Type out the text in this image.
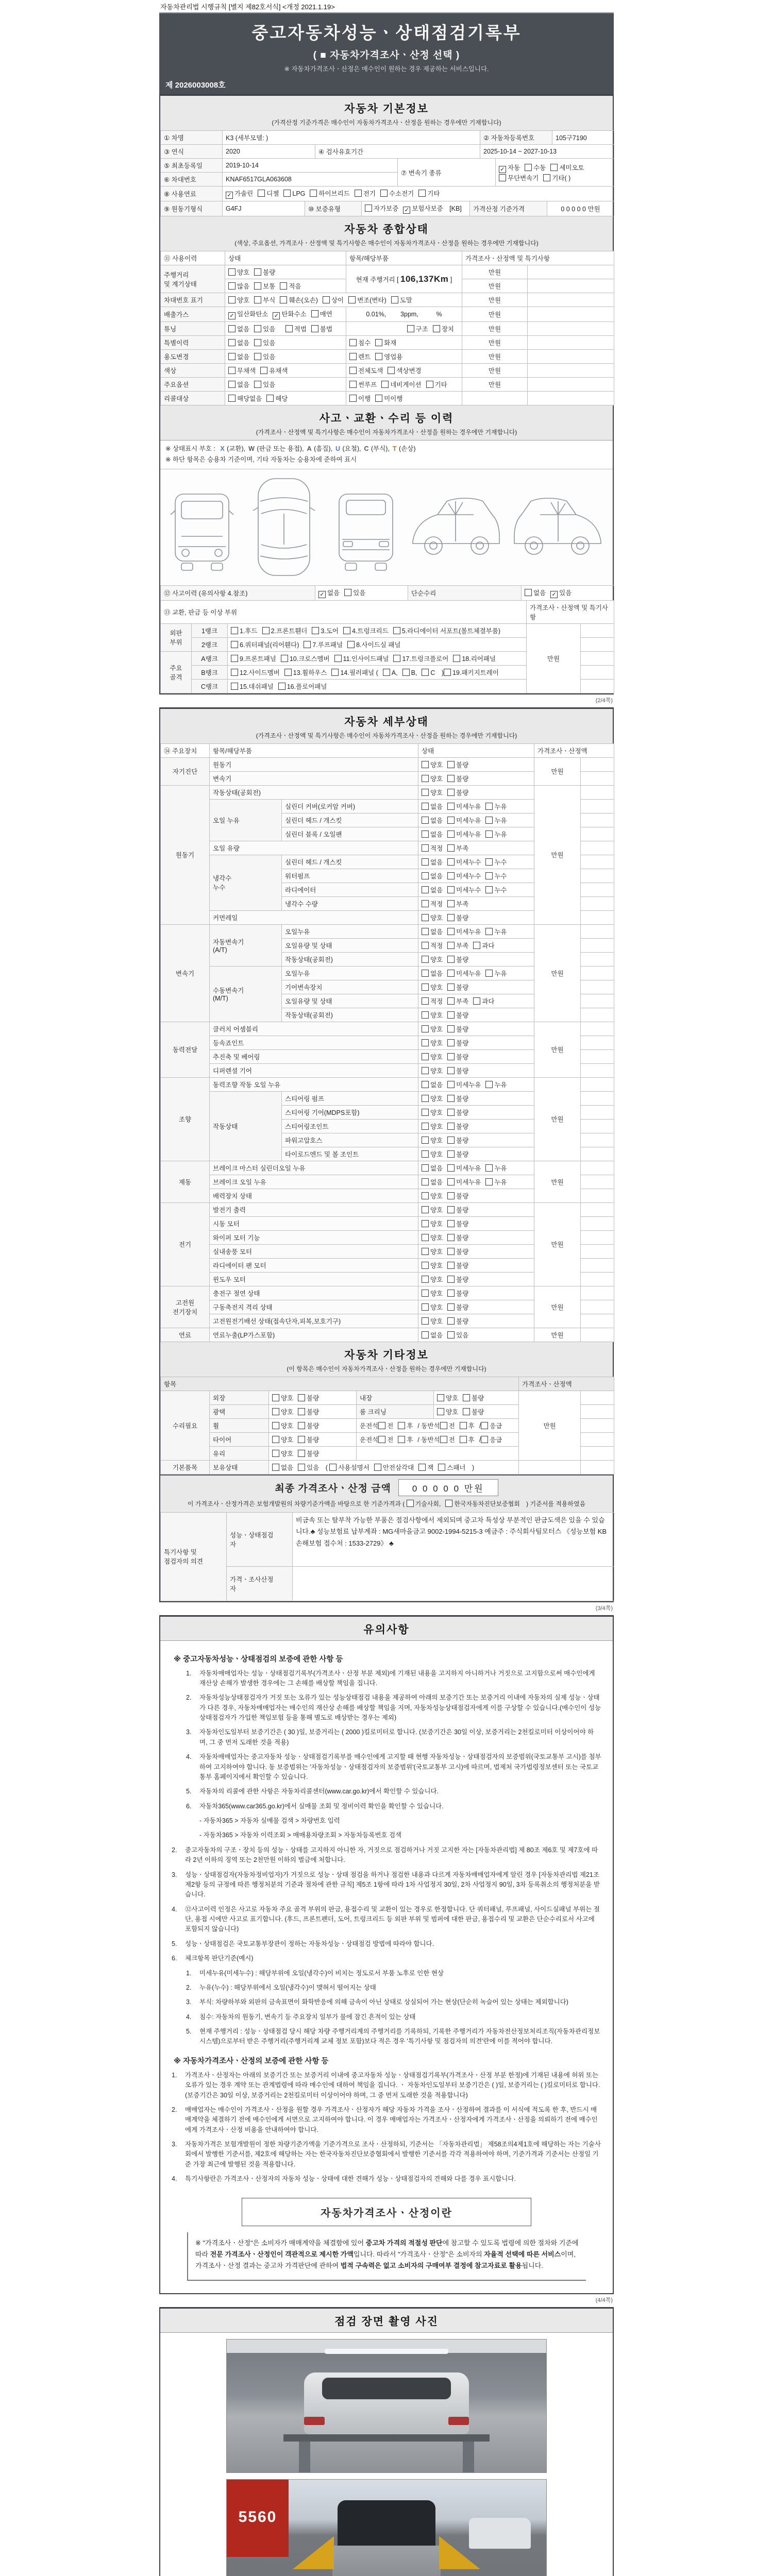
자동차관리법 시행규칙 [별지 제82호서식] <개정 2021.1.19>
중고자동차성능ㆍ상태점검기록부
( ■ 자동차가격조사ㆍ산정 선택 )
※ 자동차가격조사ㆍ산정은 매수인이 원하는 경우 제공하는 서비스입니다.
제 2026003008호
자동차 기본정보
(가격산정 기준가격은 매수인이 자동차가격조사ㆍ산정을 원하는 경우에만 기재합니다)
① 차명	K3 (세부모델: )	② 자동차등록번호	105구7190
③ 연식	2020	④ 검사유효기간	2025-10-14 ~ 2027-10-13
⑤ 최초등록일	2019-10-14	⑦ 변속기 종류	✓ 자동 수동 세미오토무단변속기 기타( )
⑥ 차대번호	KNAF6517GLA063608		
⑧ 사용연료	✓ 가솔린 디젤 LPG 하이브리드 전기 수소전기 기타
⑨ 원동기형식	G4FJ	⑩ 보증유형	자가보증 ✓ 보험사보증 [KB]	가격산정 기준가격	0 0 0 0 0 만원
자동차 종합상태
(색상, 주요옵션, 가격조사ㆍ산정액 및 특기사항은 매수인이 자동차가격조사ㆍ산정을 원하는 경우에만 기재합니다)
⑪ 사용이력	상태	항목/해당부품	가격조사ㆍ산정액 및 특기사항	
주행거리
및 계기상태	양호 불량	현재 주행거리 [ 106,137Km ]	만원	
	많음 보통 적음		만원	
차대번호 표기	양호 부식 훼손(오손) 상이 변조(변타) 도말		만원	
배출가스	✓ 일산화탄소 ✓ 탄화수소 매연	0.01%,        3ppm,          %	만원	
튜닝	없음 있음 적법 불법	구조 장치	만원	
특별이력	없음 있음	침수 화재	만원	
용도변경	없음 있음	렌트 영업용	만원	
색상	무채색 유채색	전체도색 색상변경	만원	
주요옵션	없음 있음	썬루프 네비게이션 기타	만원	
리콜대상	해당없음 해당	이행 미이행		
사고ㆍ교환ㆍ수리 등 이력
(가격조사ㆍ산정액 및 특기사항은 매수인이 자동차가격조사ㆍ산정을 원하는 경우에만 기재합니다)
※ 상태표시 부호 : X (교환), W (판금 또는 용접), A (흠집), U (요철), C (부식), T (손상)
※ 하단 항목은 승용차 기준이며, 기타 자동차는 승용차에 준하여 표시
⑫ 사고이력 (유의사항 4.참조)	✓ 없음 있음	단순수리	없음 ✓ 있음
⑬ 교환, 판금 등 이상 부위			가격조사ㆍ산정액 및 특기사항	
외판
부위	1랭크	1.후드 2.프론트휀더 3.도어 4.트렁크리드 5.라디에이터 서포트(볼트체결부품)	만원	
	2랭크	6.쿼터패널(리어휀다) 7.루프패널 8.사이드실 패널		
주요
골격	A랭크	9.프론트패널 10.크로스멤버 11.인사이드패널 17.트렁크플로어 18.리어패널		
	B랭크	12.사이드멤버 13.휠하우스 14.필러패널 ( A, B, C ) 19.패키지트레이		
	C랭크	15.대쉬패널 16.플로어패널		
(2/4쪽)
자동차 세부상태
(가격조사ㆍ산정액 및 특기사항은 매수인이 자동차가격조사ㆍ산정을 원하는 경우에만 기재합니다)
⑭ 주요장치	항목/해당부품		상태	가격조사ㆍ산정액	
자기진단	원동기		양호 불량	만원	
	변속기		양호 불량		
원동기	작동상태(공회전)		양호 불량	만원	
	오일 누유	실린더 커버(로커암 커버)	없음 미세누유 누유		
		실린더 헤드 / 개스킷	없음 미세누유 누유		
		실린더 블록 / 오일팬	없음 미세누유 누유		
	오일 유량		적정 부족		
	냉각수
누수	실린더 헤드 / 개스킷	없음 미세누수 누수		
		워터펌프	없음 미세누수 누수		
		라디에이터	없음 미세누수 누수		
		냉각수 수량	적정 부족		
	커먼레일		양호 불량		
변속기	자동변속기
(A/T)	오일누유	없음 미세누유 누유	만원	
		오일유량 및 상태	적정 부족 과다		
		작동상태(공회전)	양호 불량		
	수동변속기
(M/T)	오일누유	없음 미세누유 누유		
		기어변속장치	양호 불량		
		오일유량 및 상태	적정 부족 과다		
		작동상태(공회전)	양호 불량		
동력전달	클러치 어셈블리		양호 불량	만원	
	등속죠인트		양호 불량		
	추진축 및 베어링		양호 불량		
	디퍼렌셜 기어		양호 불량		
조향	동력조향 작동 오일 누유		없음 미세누유 누유	만원	
	작동상태	스티어링 펌프	양호 불량		
		스티어링 기어(MDPS포함)	양호 불량		
		스티어링조인트	양호 불량		
		파워고압호스	양호 불량		
		타이로드엔드 및 볼 조인트	양호 불량		
제동	브레이크 마스터 실린더오일 누유		없음 미세누유 누유	만원	
	브레이크 오일 누유		없음 미세누유 누유		
	배력장치 상태		양호 불량		
전기	발전기 출력		양호 불량	만원	
	시동 모터		양호 불량		
	와이퍼 모터 기능		양호 불량		
	실내송풍 모터		양호 불량		
	라디에이터 팬 모터		양호 불량		
	윈도우 모터		양호 불량		
고전원
전기장치	충전구 절연 상태		양호 불량	만원	
	구동축전지 격리 상태		양호 불량		
	고전원전기배선 상태(접속단자,피복,보호기구)		양호 불량		
연료	연료누출(LP가스포함)		없음 있음	만원	
자동차 기타정보
(이 항목은 매수인이 자동차가격조사ㆍ산정을 원하는 경우에만 기재합니다)
항목					가격조사ㆍ산정액	
수리필요	외장	양호 불량	내장	양호 불량	만원	
	광택	양호 불량	룸 크리닝	양호 불량		
	휠	양호 불량	운전석 전 후 / 동반석 전 후 / 응급			
	타이어	양호 불량	운전석 전 후 / 동반석 전 후 / 응급			
	유리	양호 불량				
기본품목	보유상태	없음 있음 ( 사용설명서 안전삼각대 잭 스패너 )				
최종 가격조사ㆍ산정 금액	0 0 0 0 0 만원
이 가격조사ㆍ산정가격은 보험개발원의 차량기준가액을 바탕으로 한 기준가격과 ( 기술사회, 한국자동차진단보증협회 ) 기준서를 적용하였음
특기사항 및
점검자의 의견	성능ㆍ상태점검
자	비금속 또는 탈부착 가능한 부품은 점검사항에서 제외되며 중고차 특성상 부분적인 판금도색은 있을 수 있습니다.♣ 성능보험료 납부계좌 : MG새마을금고 9002-1994-5215-3 예금주 : 주식회사팀모터스 《성능보험 KB손해보험 접수처 : 1533-2729》 ♣
	가격ㆍ조사산정
자	
(3/4쪽)
유의사항
※ 중고자동차성능ㆍ상태점검의 보증에 관한 사항 등
1.	자동차매매업자는 성능ㆍ상태점검기록부(가격조사ㆍ산정 부분 제외)에 기재된 내용을 고지하지 아니하거나 거짓으로 고지함으로써 매수인에게 재산상 손해가 발생한 경우에는 그 손해를 배상할 책임을 집니다.
2.	자동차성능상태점검자가 거짓 또는 오류가 있는 성능상태점검 내용을 제공하여 아래의 보증기간 또는 보증거리 이내에 자동차의 실제 성능ㆍ상태가 다른 경우, 자동차매매업자는 매수인의 재산상 손해를 배상할 책임을 지며, 자동차성능상태점검자에게 이를 구상할 수 있습니다.(매수인이 성능상태점검자가 가입한 책임보험 등을 통해 별도로 배상받는 경우는 제외)
3.	자동차인도일부터 보증기간은 ( 30 )일, 보증거리는 ( 2000 )킬로미터로 합니다. (보증기간은 30일 이상, 보증거리는 2천킬로미터 이상이어야 하며, 그 중 먼저 도래한 것을 적용)
4.	자동차매매업자는 중고자동차 성능ㆍ상태점검기록부를 매수인에게 고지할 때 현행 자동차성능ㆍ상태점검자의 보증범위(국토교통부 고시)를 첨부하여 고지하여야 합니다. 동 보증범위는 '자동차성능ㆍ상태점검자의 보증범위'(국토교통부 고시)에 따르며, 법제처 국가법령정보센터 또는 국토교통부 홈페이지에서 확인할 수 있습니다.
5.	자동차의 리콜에 관한 사항은 자동차리콜센터(www.car.go.kr)에서 확인할 수 있습니다.
6.	자동차365(www.car365.go.kr)에서 실매물 조회 및 정비이력 확인을 확인할 수 있습니다.
- 자동차365 > 자동차 실매물 검색 > 차량번호 입력
- 자동차365 > 자동차 이력조회 > 매매용차량조회 > 자동차등록번호 검색
2.	중고자동차의 구조ㆍ장치 등의 성능ㆍ상태를 고지하지 아니한 자, 거짓으로 점검하거나 거짓 고지한 자는 [자동차관리법] 제 80조 제6호 및 제7호에 따라 2년 이하의 징역 또는 2천만원 이하의 벌금에 처합니다.
3.	성능ㆍ상태점검자(자동차정비업자)가 거짓으로 성능ㆍ상태 점검을 하거나 점검한 내용과 다르게 자동차매매업자에게 알린 경우 [자동차관리법 제21조 제2항 등의 규정에 따른 행정처분의 기준과 절차에 관한 규칙] 제5조 1항에 따라 1차 사업정지 30일, 2차 사업정지 90일, 3차 등록취소의 행정처분을 받습니다.
4.	⑫사고이력 인정은 사고로 자동차 주요 골격 부위의 판금, 용접수리 및 교환이 있는 경우로 한정합니다. 단 쿼터패널, 루프패널, 사이드실패널 부위는 절단, 용접 시에만 사고로 표기합니다. (후드, 프론트펜더, 도어, 트렁크리드 등 외판 부위 및 범퍼에 대한 판금, 용접수리 및 교환은 단순수리로서 사고에 포함되지 않습니다)
5.	성능ㆍ상태점검은 국토교통부장관이 정하는 자동차성능ㆍ상태점검 방법에 따라야 합니다.
6.	체크항목 판단기준(예시)
1.	미세누유(미세누수) : 해당부위에 오일(냉각수)이 비치는 정도로서 부품 노후로 인한 현상
2.	누유(누수) : 해당부위에서 오일(냉각수)이 맺혀서 떨어지는 상태
3.	부식: 차량하부와 외판의 금속표면이 화학반응에 의해 금속이 아닌 상태로 상실되어 가는 현상(단순히 녹슬어 있는 상태는 제외합니다)
4.	침수: 자동차의 원동기, 변속기 등 주요장치 일부가 물에 잠긴 흔적이 있는 상태
5.	현재 주행거리 : 성능ㆍ상태점검 당시 해당 차량 주행거리계의 주행거리를 기록하되, 기록한 주행거리가 자동차전산정보처리조직(자동차관리정보시스템)으로부터 받은 주행거리(주행거리계 교체 정보 포함)보다 적은 경우 '특기사항 및 점검자의 의견'란에 이를 적어야 합니다.
※ 자동차가격조사ㆍ산정의 보증에 관한 사항 등
1.	가격조사ㆍ산정자는 아래의 보증기간 또는 보증거리 이내에 중고자동차 성능ㆍ상태점검기록부(가격조사ㆍ산정 부분 한정)에 기재된 내용에 허위 또는 오류가 있는 경우 계약 또는 관계법령에 따라 매수인에 대하여 책임을 집니다. ㆍ 자동차인도일부터 보증기간은 ( )일, 보증거리는 ( )킬로미터로 합니다. (보증기간은 30일 이상, 보증거리는 2천킬로미터 이상이어야 하며, 그 중 먼저 도래한 것을 적용합니다)
2.	매매업자는 매수인이 가격조사ㆍ산정을 원할 경우 가격조사ㆍ산정자가 해당 자동차 가격을 조사ㆍ산정하여 결과를 이 서식에 적도록 한 후, 반드시 매매계약을 체결하기 전에 매수인에게 서면으로 고지하여야 합니다. 이 경우 매매업자는 가격조사ㆍ산정자에게 가격조사ㆍ산정을 의뢰하기 전에 매수인에게 가격조사ㆍ산정 비용을 안내하여야 합니다.
3.	자동차가격은 보험개발원이 정한 차량기준가액을 기준가격으로 조사ㆍ산정하되, 기준서는 「자동차관리법」 제58조의4제1호에 해당하는 자는 기술사회에서 발행한 기준서를, 제2호에 해당하는 자는 한국자동차진단보증협회에서 발행한 기준서를 각각 적용하여야 하며, 기준가격과 기준서는 산정일 기준 가장 최근에 발행된 것을 적용합니다.
4.	특기사항란은 가격조사ㆍ산정자의 자동차 성능ㆍ상태에 대한 견해가 성능ㆍ상태점검자의 견해와 다를 경우 표시합니다.
자동차가격조사ㆍ산정이란
※ "가격조사ㆍ산정"은 소비자가 매매계약을 체결함에 있어 중고차 가격의 적절성 판단에 참고할 수 있도록 법령에 의한 절차와 기준에 따라 전문 가격조사ㆍ산정인이 객관적으로 제시한 가액입니다. 따라서 "가격조사ㆍ산정"은 소비자의 자율적 선택에 따른 서비스이며, 가격조사ㆍ산정 결과는 중고차 가격판단에 관하여 법적 구속력은 없고 소비자의 구매여부 결정에 참고자료로 활용됩니다.
(4/4쪽)
점검 장면 촬영 사진
5560
